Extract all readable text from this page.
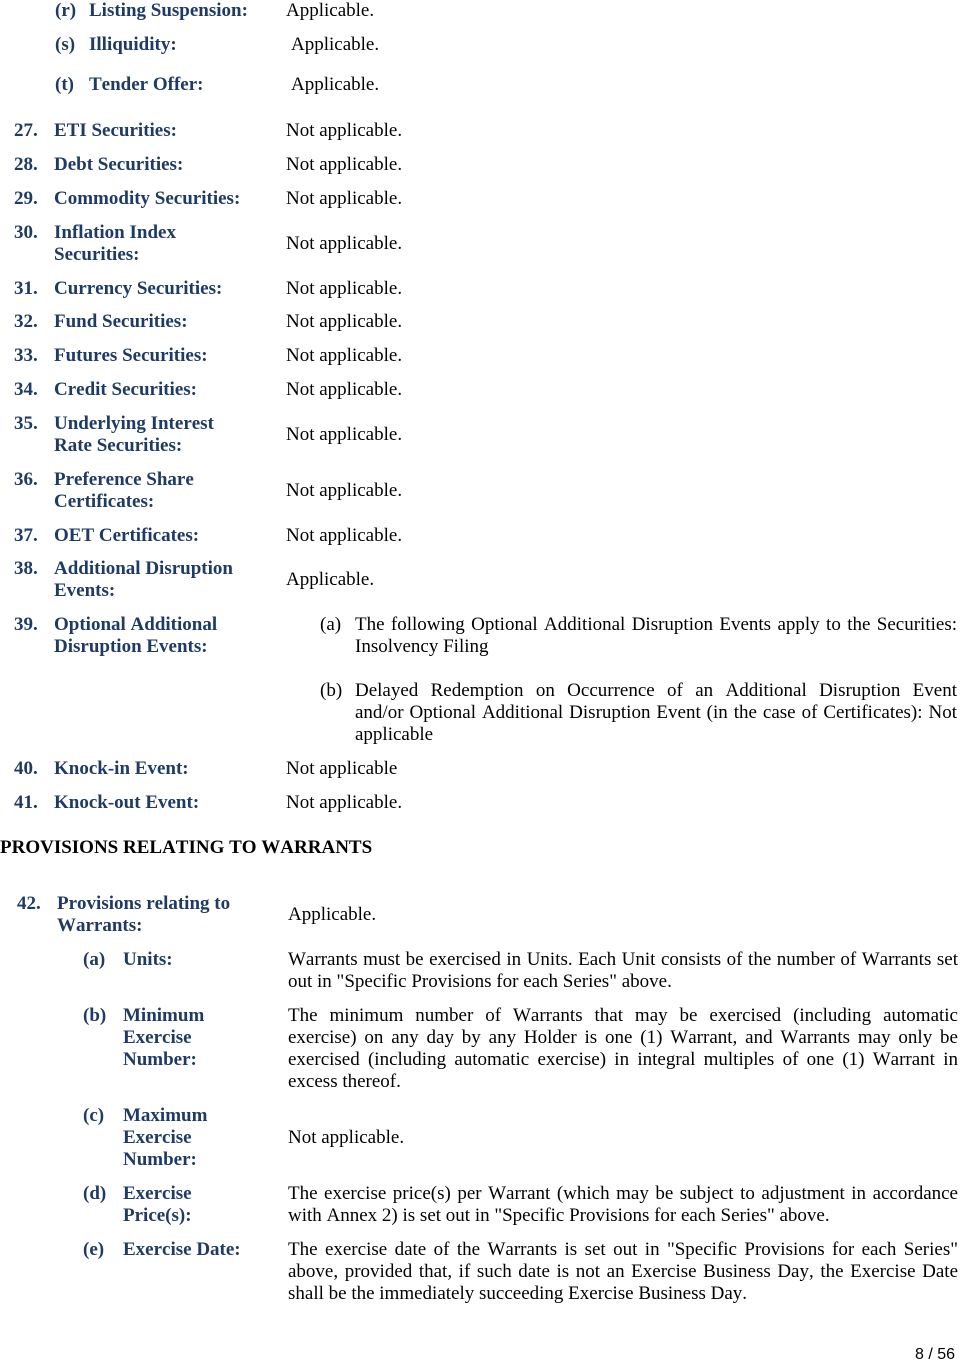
(r) Listing Suspension: Applicable.
(s) Illiquidity:	Applicable.
(t) Tender Offer:	Applicable.
27. ETI Securities:	Not applicable.
28. Debt Securities:	Not applicable.
29. Commodity Securities: Not applicable.
30. Inflation Index
Securities:
Not applicable.
31. Currency Securities:	Not applicable.
32. Fund Securities:	Not applicable.
33. Futures Securities:	Not applicable.
34. Credit Securities:	Not applicable.
35. Underlying Interest
Rate Securities:
Not applicable.
36. Preference Share
Certificates:
Not applicable.
37. OET Certificates:	Not applicable.
38. Additional Disruption
Events:
Applicable.
39. Optional Additional
Disruption Events:
(a) The following Optional Additional Disruption Events apply to the Securities:
Insolvency Filing
(b) Delayed Redemption on Occurrence of an Additional Disruption Event
and/or Optional Additional Disruption Event (in the case of Certificates): Not
applicable
40. Knock-in Event:	Not applicable
41. Knock-out Event:	Not applicable.
PROVISIONS RELATING TO WARRANTS
42. Provisions relating to
Warrants:
Applicable.
(a) Units:	Warrants must be exercised in Units. Each Unit consists of the number of Warrants set
out in "Specific Provisions for each Series" above.
(b) Minimum
Exercise
Number:
The minimum number of Warrants that may be exercised (including automatic
exercise) on any day by any Holder is one (1) Warrant, and Warrants may only be
exercised (including automatic exercise) in integral multiples of one (1) Warrant in
excess thereof.
(c) Maximum
Exercise
Number:
Not applicable.
(d) Exercise
Price(s):
The exercise price(s) per Warrant (which may be subject to adjustment in accordance
with Annex 2) is set out in "Specific Provisions for each Series" above.
(e) Exercise Date: The exercise date of the Warrants is set out in "Specific Provisions for each Series"
above, provided that, if such date is not an Exercise Business Day, the Exercise Date
shall be the immediately succeeding Exercise Business Day.
8 / 56
